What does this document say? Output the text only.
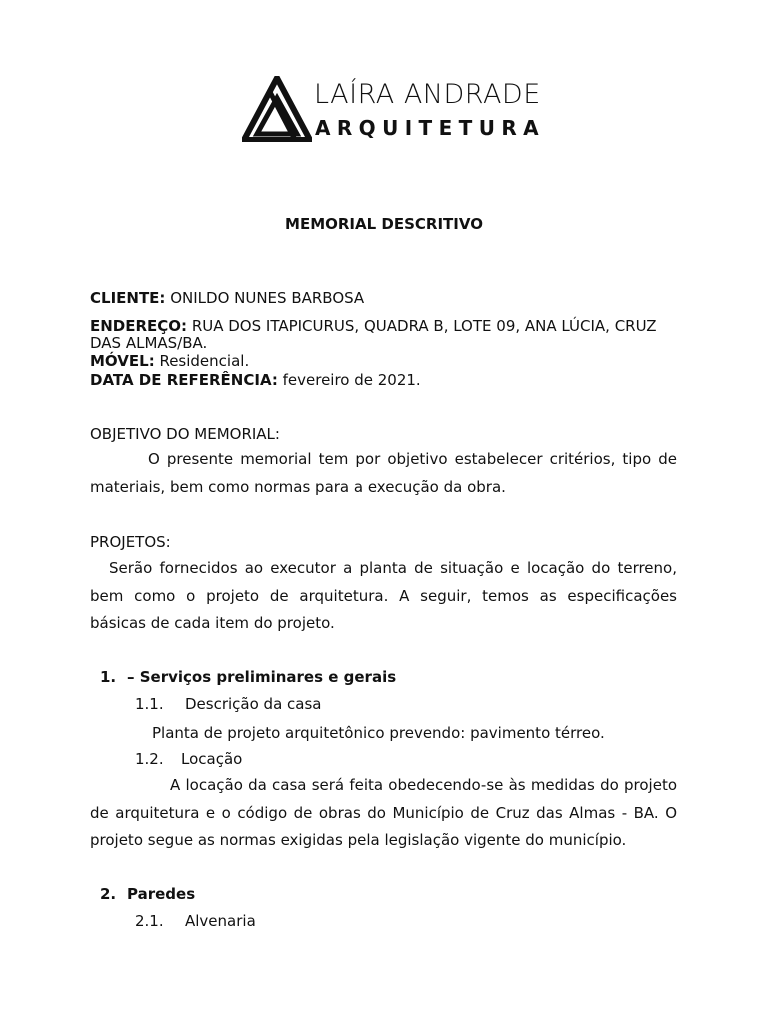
LAÍRA ANDRADE
ARQUITETURA
MEMORIAL DESCRITIVO
CLIENTE: ONILDO NUNES BARBOSA
ENDEREÇO: RUA DOS ITAPICURUS, QUADRA B, LOTE 09, ANA LÚCIA, CRUZ
DAS ALMAS/BA.
MÓVEL: Residencial.
DATA DE REFERÊNCIA: fevereiro de 2021.
OBJETIVO DO MEMORIAL:

O presente memorial tem por objetivo estabelecer critérios, tipo de materiais, bem como normas para a execução da obra.

PROJETOS:

Serão fornecidos ao executor a planta de situação e locação do terreno, bem como o projeto de arquitetura. A seguir, temos as especificações básicas de cada item do projeto.

1. – Serviços preliminares e gerais
1.1. Descrição da casa
Planta de projeto arquitetônico prevendo: pavimento térreo.
1.2. Locação

A locação da casa será feita obedecendo-se às medidas do projeto de arquitetura e o código de obras do Município de Cruz das Almas - BA. O projeto segue as normas exigidas pela legislação vigente do município.

2. Paredes
2.1. Alvenaria
